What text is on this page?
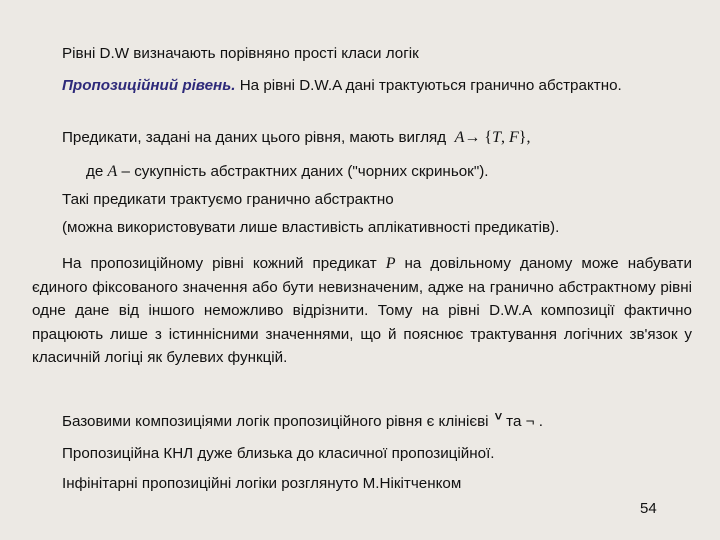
Рівні D.W визначають порівняно прості класи логік

Пропозиційний рівень. На рівні D.W.A дані трактуються гранично абстрактно.

Предикати, задані на даних цього рівня, мають вигляд A→ {T, F},

де А – сукупність абстрактних даних ("чорних скриньок").

Такі предикати трактуємо гранично абстрактно

(можна використовувати лише властивість аплікативності предикатів).

На пропозиційному рівні кожний предикат P на довільному даному може набувати єдиного фіксованого значення або бути невизначеним, адже на гранично абстрактному рівні одне дане від іншого неможливо відрізнити. Тому на рівні D.W.A композиції фактично працюють лише з істиннісними значеннями, що й пояснює трактування логічних зв'язок у класичній логіці як булевих функцій.

Базовими композиціями логік пропозиційного рівня є клінієві ˅ та ¬ .

Пропозиційна КНЛ дуже близька до класичної пропозиційної.

Інфінітарні пропозиційні логіки розглянуто М.Нікітченком

54
